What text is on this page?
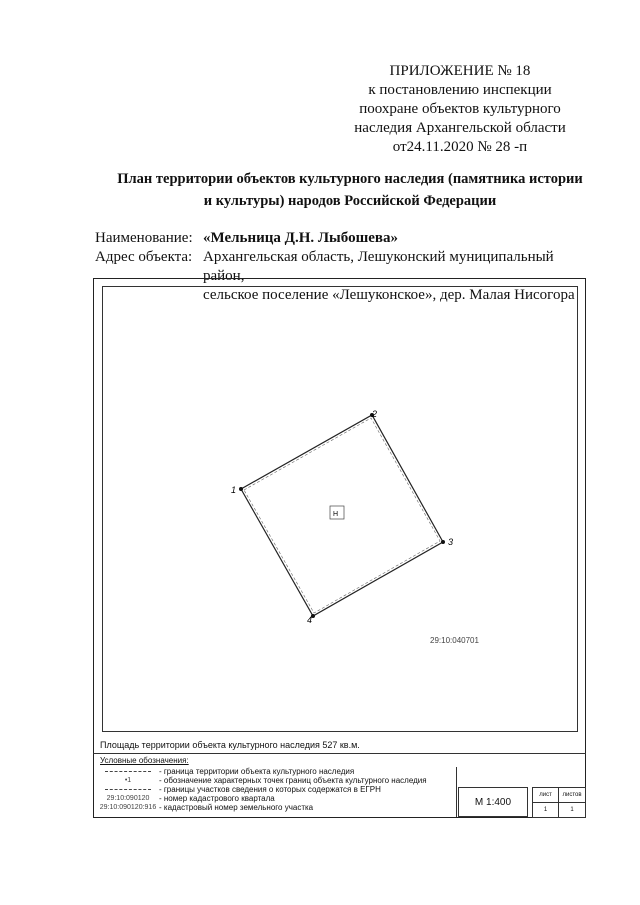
ПРИЛОЖЕНИЕ № 18
к постановлению инспекции
поохране объектов культурного
наследия Архангельской области
от24.11.2020 № 28 -п
План территории объектов культурного наследия (памятника истории
и культуры) народов Российской Федерации
Наименование: «Мельница Д.Н. Лыбошева»
Адрес объекта: Архангельская область, Лешуконский муниципальный район,
сельское поселение «Лешуконское», дер. Малая Нисогора
1
2
3
4
Н
29:10:040701
Площадь территории объекта культурного наследия 527 кв.м.
Условные обозначения:
- граница территории объекта культурного наследия
•1	- обозначение характерных точек границ объекта культурного наследия
- границы участков сведения о которых содержатся в ЕГРН
29:10:090120	- номер кадастрового квартала
29:10:090120:916 - кадастровый номер земельного участка	М 1:400
лист	листов
1	1
